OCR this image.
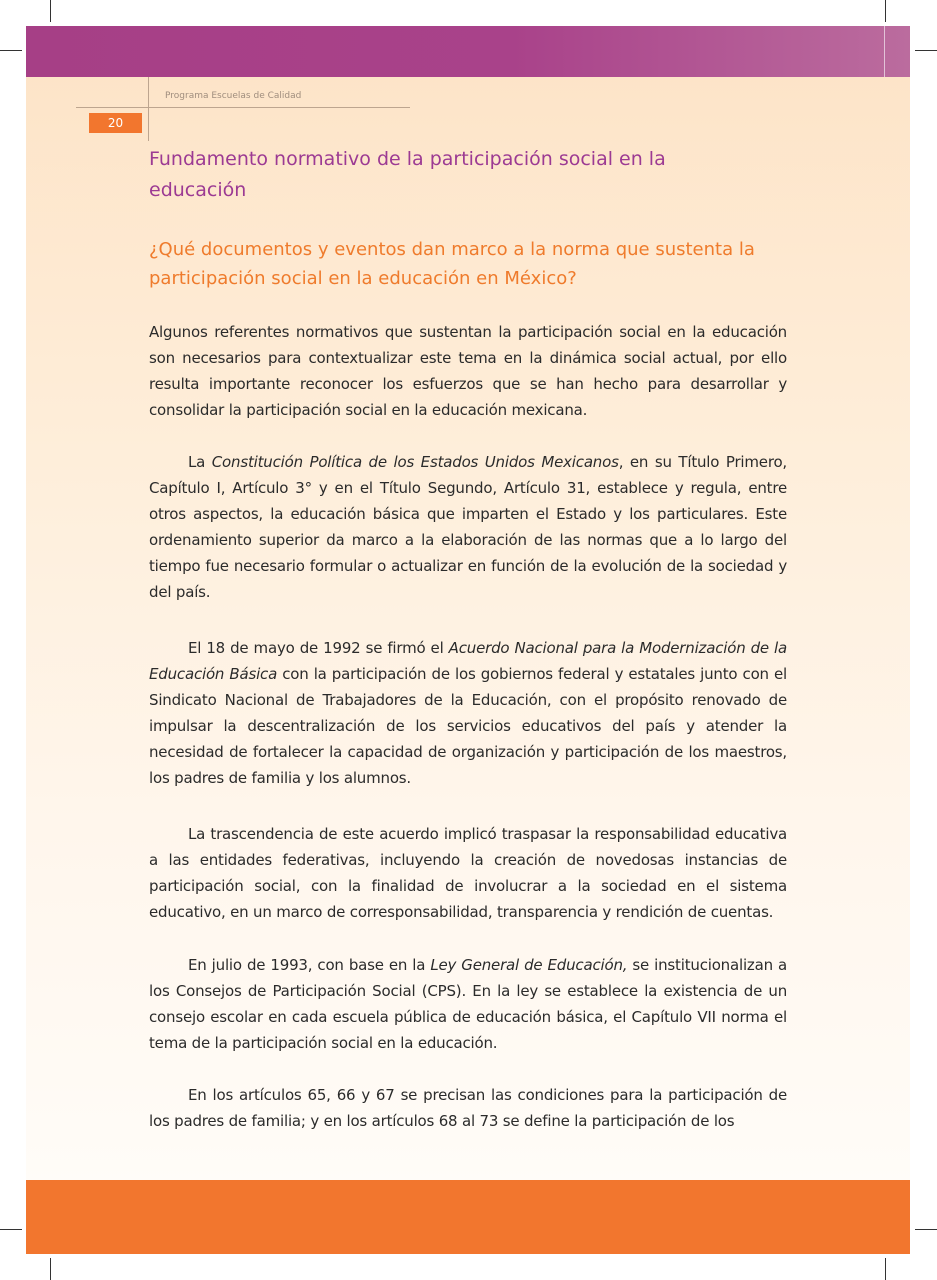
Programa Escuelas de Calidad
20
Fundamento normativo de la participación social en la educación
¿Qué documentos y eventos dan marco a la norma que sustenta la participación social en la educación en México?

Algunos referentes normativos que sustentan la participación social en la educación son necesarios para contextualizar este tema en la dinámica social actual, por ello resulta importante reconocer los esfuerzos que se han hecho para desarrollar y consolidar la participación social en la educación mexicana.

La Constitución Política de los Estados Unidos Mexicanos, en su Título Primero, Capítulo I, Artículo 3° y en el Título Segundo, Artículo 31, establece y regula, entre otros aspectos, la educación básica que imparten el Estado y los particulares. Este ordenamiento superior da marco a la elaboración de las normas que a lo largo del tiempo fue necesario formular o actualizar en función de la evolución de la sociedad y del país.

El 18 de mayo de 1992 se firmó el Acuerdo Nacional para la Modernización de la Educación Básica con la participación de los gobiernos federal y estatales junto con el Sindicato Nacional de Trabajadores de la Educación, con el propósito renovado de impulsar la descentralización de los servicios educativos del país y atender la necesidad de fortalecer la capacidad de organización y participación de los maestros, los padres de familia y los alumnos.

La trascendencia de este acuerdo implicó traspasar la responsabilidad educativa a las entidades federativas, incluyendo la creación de novedosas instancias de participación social, con la finalidad de involucrar a la sociedad en el sistema educativo, en un marco de corresponsabilidad, transparencia y rendición de cuentas.

En julio de 1993, con base en la Ley General de Educación, se institucionalizan a los Consejos de Participación Social (CPS). En la ley se establece la existencia de un consejo escolar en cada escuela pública de educación básica, el Capítulo VII norma el tema de la participación social en la educación.

En los artículos 65, 66 y 67 se precisan las condiciones para la participación de los padres de familia; y en los artículos 68 al 73 se define la participación de los
